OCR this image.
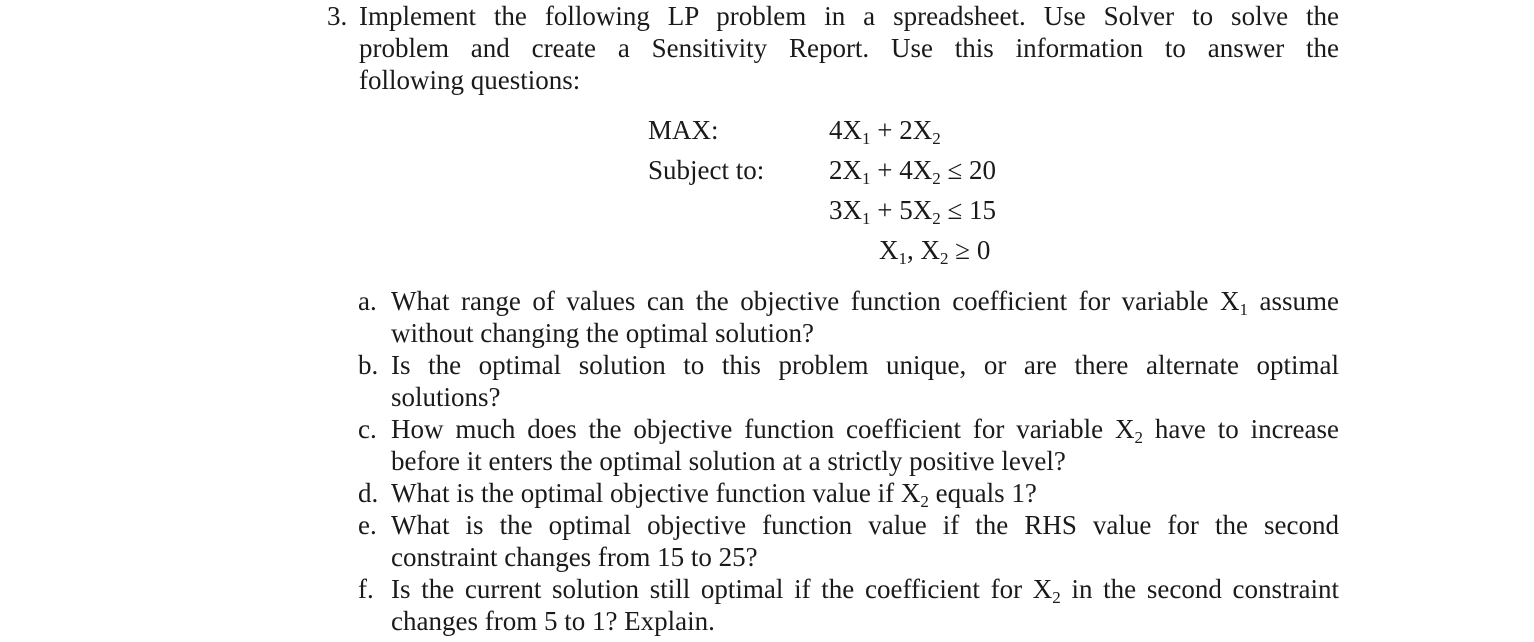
3. Implement the following LP problem in a spreadsheet. Use Solver to solve the
problem and create a Sensitivity Report. Use this information to answer the
following questions:
MAX:
Subject to:
$4X_1 + 2X_2$
$2X_1 + 4X_2 \le 20$
$3X_1 + 5X_2 \le 15$
$X_1$, $X_2 \ge 0$
a. What range of values can the objective function coefficient for variable $X_1$ assume
without changing the optimal solution?
b. Is the optimal solution to this problem unique, or are there alternate optimal
solutions?
c. How much does the objective function coefficient for variable $X_2$ have to increase
before it enters the optimal solution at a strictly positive level?
d. What is the optimal objective function value if $X_2$ equals 1?
e. What is the optimal objective function value if the RHS value for the second
constraint changes from 15 to 25?
f. Is the current solution still optimal if the coefficient for $X_2$ in the second constraint
changes from 5 to 1? Explain.
